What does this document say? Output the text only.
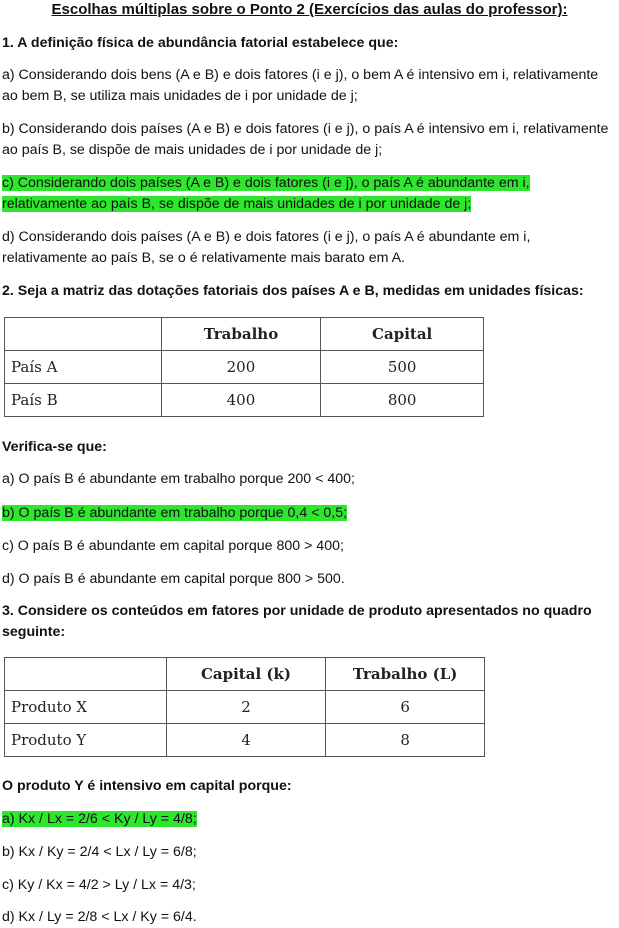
Escolhas múltiplas sobre o Ponto 2 (Exercícios das aulas do professor):
1. A definição física de abundância fatorial estabelece que:
a) Considerando dois bens (A e B) e dois fatores (i e j), o bem A é intensivo em i, relativamente
ao bem B, se utiliza mais unidades de i por unidade de j;
b) Considerando dois países (A e B) e dois fatores (i e j), o país A é intensivo em i, relativamente
ao país B, se dispõe de mais unidades de i por unidade de j;
c) Considerando dois países (A e B) e dois fatores (i e j), o país A é abundante em i,
relativamente ao país B, se dispõe de mais unidades de i por unidade de j;
d) Considerando dois países (A e B) e dois fatores (i e j), o país A é abundante em i,
relativamente ao país B, se o é relativamente mais barato em A.
2. Seja a matriz das dotações fatoriais dos países A e B, medidas em unidades físicas:
	Trabalho	Capital
País A	200	500
País B	400	800
Verifica-se que:
a) O país B é abundante em trabalho porque 200 < 400;
b) O país B é abundante em trabalho porque 0,4 < 0,5;
c) O país B é abundante em capital porque 800 > 400;
d) O país B é abundante em capital porque 800 > 500.
3. Considere os conteúdos em fatores por unidade de produto apresentados no quadro
seguinte:
	Capital (k)	Trabalho (L)
Produto X	2	6
Produto Y	4	8
O produto Y é intensivo em capital porque:
a) Kx / Lx = 2/6 < Ky / Ly = 4/8;
b) Kx / Ky = 2/4 < Lx / Ly = 6/8;
c) Ky / Kx = 4/2 > Ly / Lx = 4/3;
d) Kx / Ly = 2/8 < Lx / Ky = 6/4.
